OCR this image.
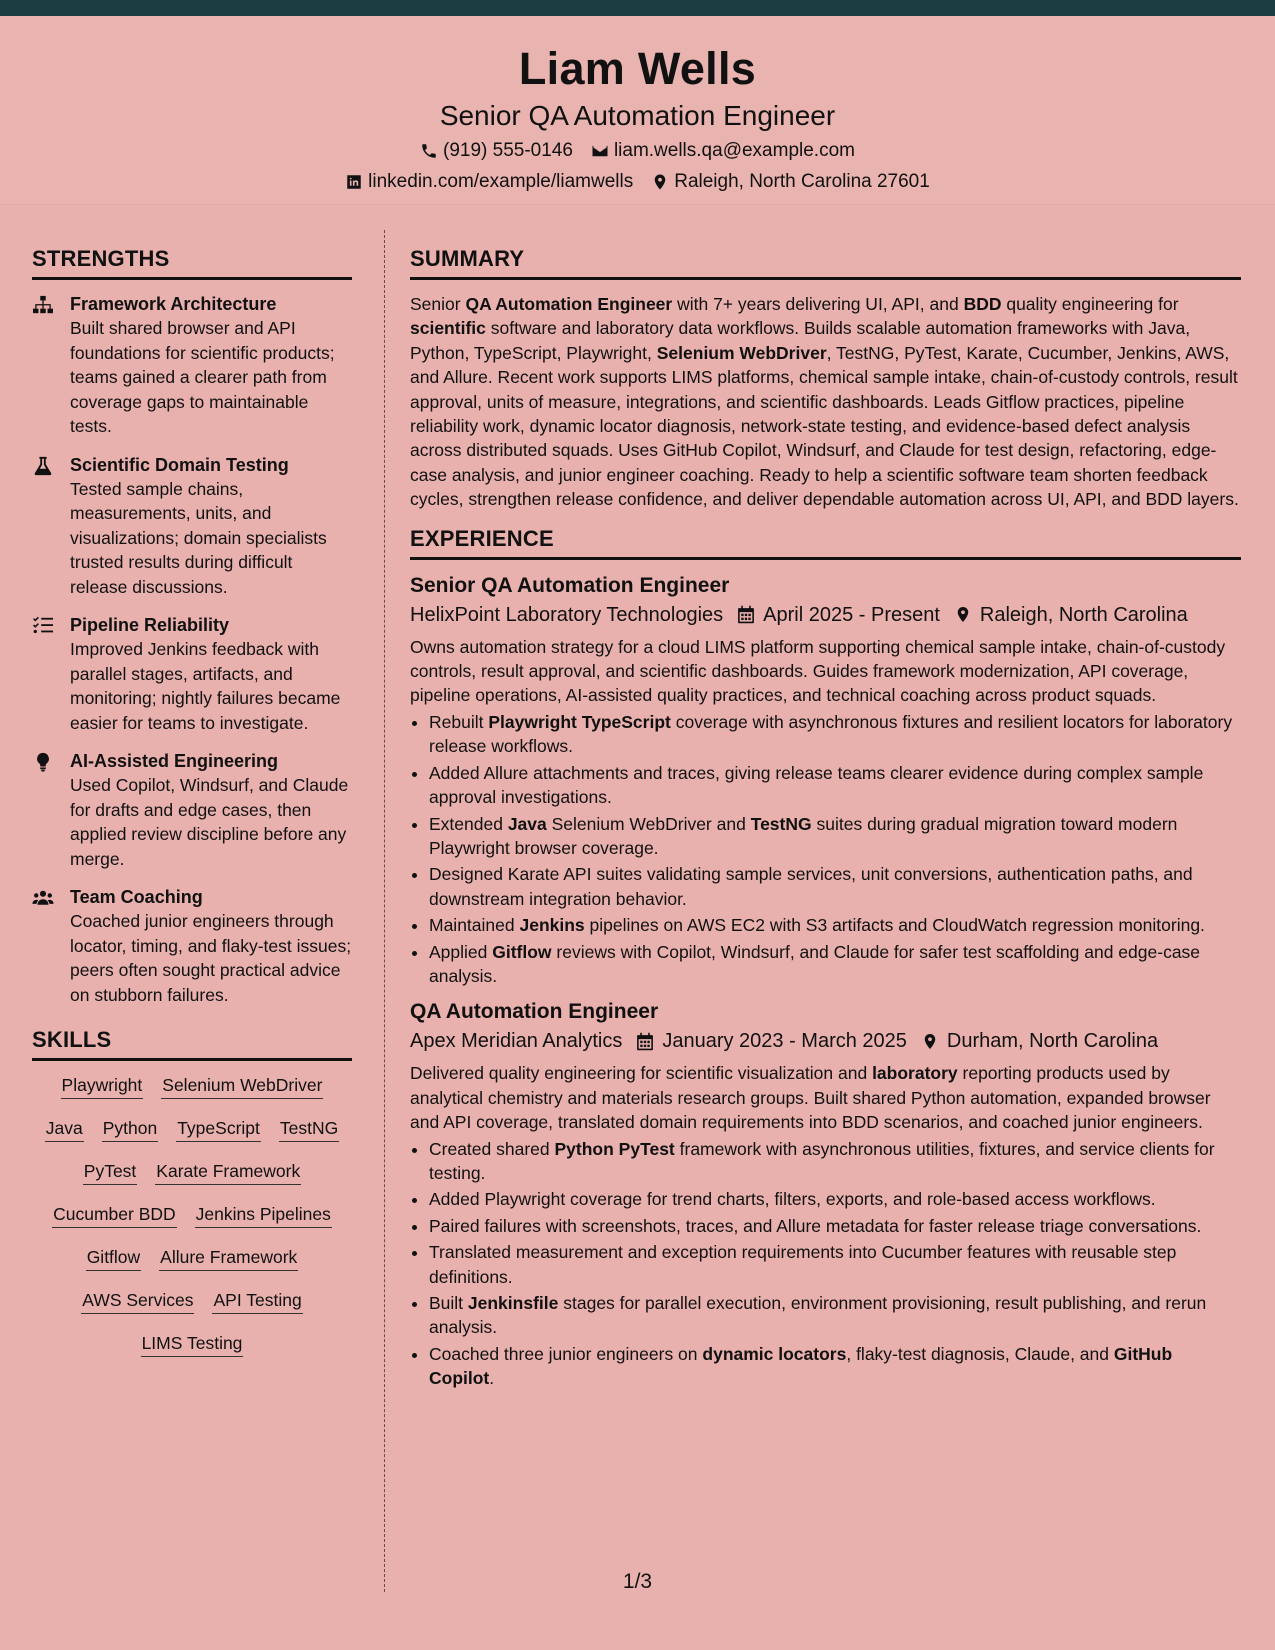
Liam Wells
Senior QA Automation Engineer
(919) 555-0146 liam.wells.qa@example.com
linkedin.com/example/liamwells Raleigh, North Carolina 27601
STRENGTHS
Framework Architecture
Built shared browser and API foundations for scientific products; teams gained a clearer path from coverage gaps to maintainable tests.
Scientific Domain Testing
Tested sample chains, measurements, units, and visualizations; domain specialists trusted results during difficult release discussions.
Pipeline Reliability
Improved Jenkins feedback with parallel stages, artifacts, and monitoring; nightly failures became easier for teams to investigate.
AI-Assisted Engineering
Used Copilot, Windsurf, and Claude for drafts and edge cases, then applied review discipline before any merge.
Team Coaching
Coached junior engineers through locator, timing, and flaky-test issues; peers often sought practical advice on stubborn failures.
SKILLS
Playwright Selenium WebDriver
Java Python TypeScript TestNG
PyTest Karate Framework
Cucumber BDD Jenkins Pipelines
Gitflow Allure Framework
AWS Services API Testing
LIMS Testing
SUMMARY
Senior QA Automation Engineer with 7+ years delivering UI, API, and BDD quality engineering for scientific software and laboratory data workflows. Builds scalable automation frameworks with Java, Python, TypeScript, Playwright, Selenium WebDriver, TestNG, PyTest, Karate, Cucumber, Jenkins, AWS, and Allure. Recent work supports LIMS platforms, chemical sample intake, chain-of-custody controls, result approval, units of measure, integrations, and scientific dashboards. Leads Gitflow practices, pipeline reliability work, dynamic locator diagnosis, network-state testing, and evidence-based defect analysis across distributed squads. Uses GitHub Copilot, Windsurf, and Claude for test design, refactoring, edge-case analysis, and junior engineer coaching. Ready to help a scientific software team shorten feedback cycles, strengthen release confidence, and deliver dependable automation across UI, API, and BDD layers.
EXPERIENCE
Senior QA Automation Engineer
HelixPoint Laboratory Technologies April 2025 - Present Raleigh, North Carolina
Owns automation strategy for a cloud LIMS platform supporting chemical sample intake, chain-of-custody controls, result approval, and scientific dashboards. Guides framework modernization, API coverage, pipeline operations, AI-assisted quality practices, and technical coaching across product squads.
• Rebuilt Playwright TypeScript coverage with asynchronous fixtures and resilient locators for laboratory release workflows.
• Added Allure attachments and traces, giving release teams clearer evidence during complex sample approval investigations.
• Extended Java Selenium WebDriver and TestNG suites during gradual migration toward modern Playwright browser coverage.
• Designed Karate API suites validating sample services, unit conversions, authentication paths, and downstream integration behavior.
• Maintained Jenkins pipelines on AWS EC2 with S3 artifacts and CloudWatch regression monitoring.
• Applied Gitflow reviews with Copilot, Windsurf, and Claude for safer test scaffolding and edge-case analysis.
QA Automation Engineer
Apex Meridian Analytics January 2023 - March 2025 Durham, North Carolina
Delivered quality engineering for scientific visualization and laboratory reporting products used by analytical chemistry and materials research groups. Built shared Python automation, expanded browser and API coverage, translated domain requirements into BDD scenarios, and coached junior engineers.
• Created shared Python PyTest framework with asynchronous utilities, fixtures, and service clients for testing.
• Added Playwright coverage for trend charts, filters, exports, and role-based access workflows.
• Paired failures with screenshots, traces, and Allure metadata for faster release triage conversations.
• Translated measurement and exception requirements into Cucumber features with reusable step definitions.
• Built Jenkinsfile stages for parallel execution, environment provisioning, result publishing, and rerun analysis.
• Coached three junior engineers on dynamic locators, flaky-test diagnosis, Claude, and GitHub Copilot.
1/3
